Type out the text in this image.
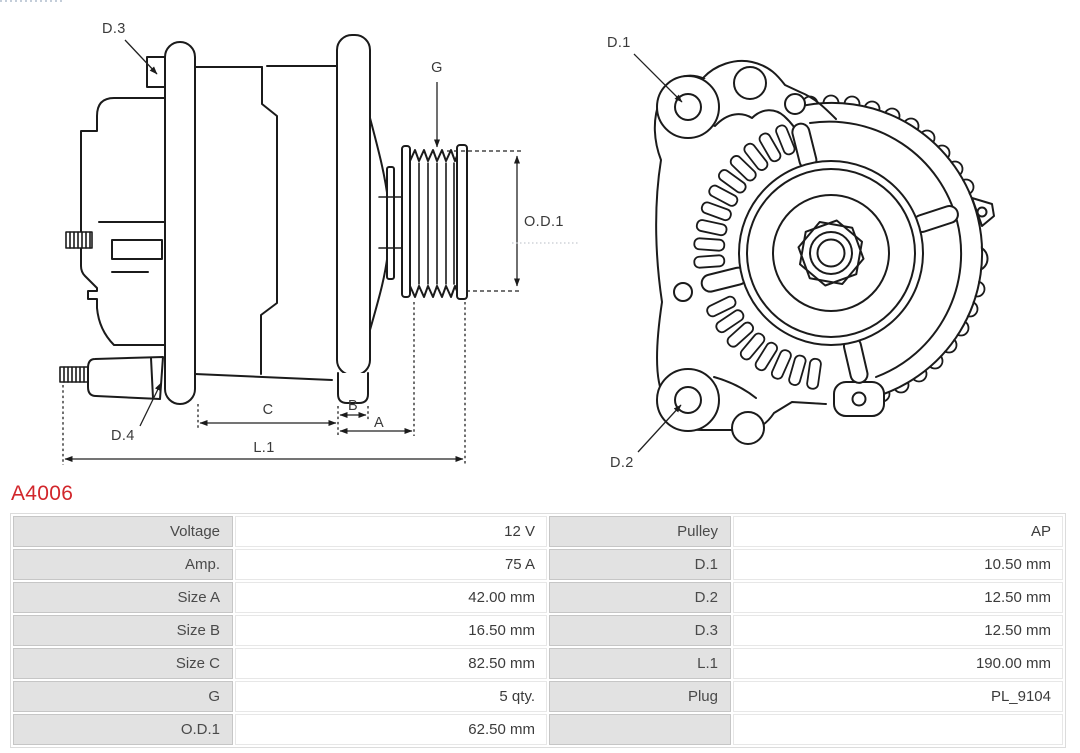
D.3
D.4
G
O.D.1
C	B
A
L.1
D.1
D.2
A4006
Voltage	12 V	Pulley	AP
Amp.	75 A	D.1	10.50 mm
Size A	42.00 mm	D.2	12.50 mm
Size B	16.50 mm	D.3	12.50 mm
Size C	82.50 mm	L.1	190.00 mm
G	5 qty.	Plug	PL_9104
O.D.1	62.50 mm
